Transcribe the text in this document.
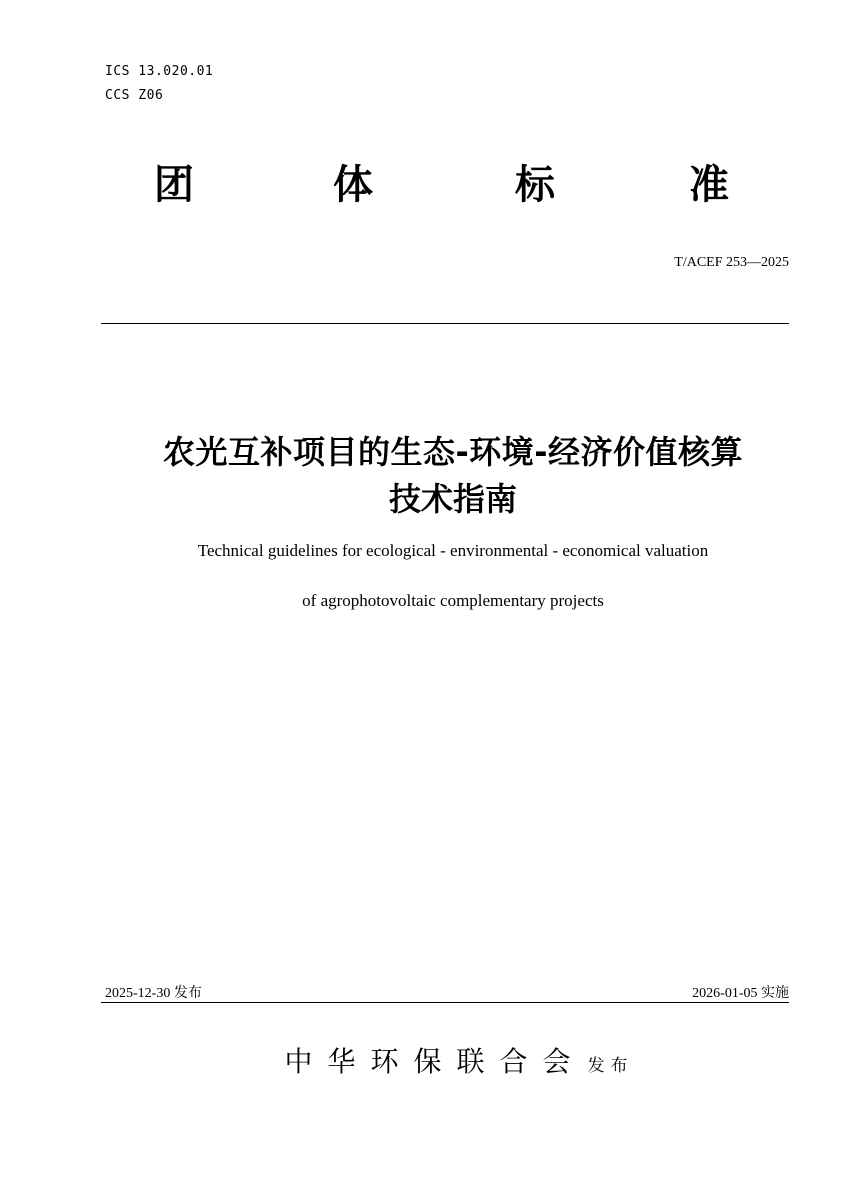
ICS 13.020.01
CCS Z06
团	体	标	准
T/ACEF 253—2025
农光互补项目的生态-环境-经济价值核算
技术指南
Technical guidelines for ecological - environmental - economical valuation
of agrophotovoltaic complementary projects
2025-12-30 发布	2026-01-05 实施
中华环保联合会 发布
